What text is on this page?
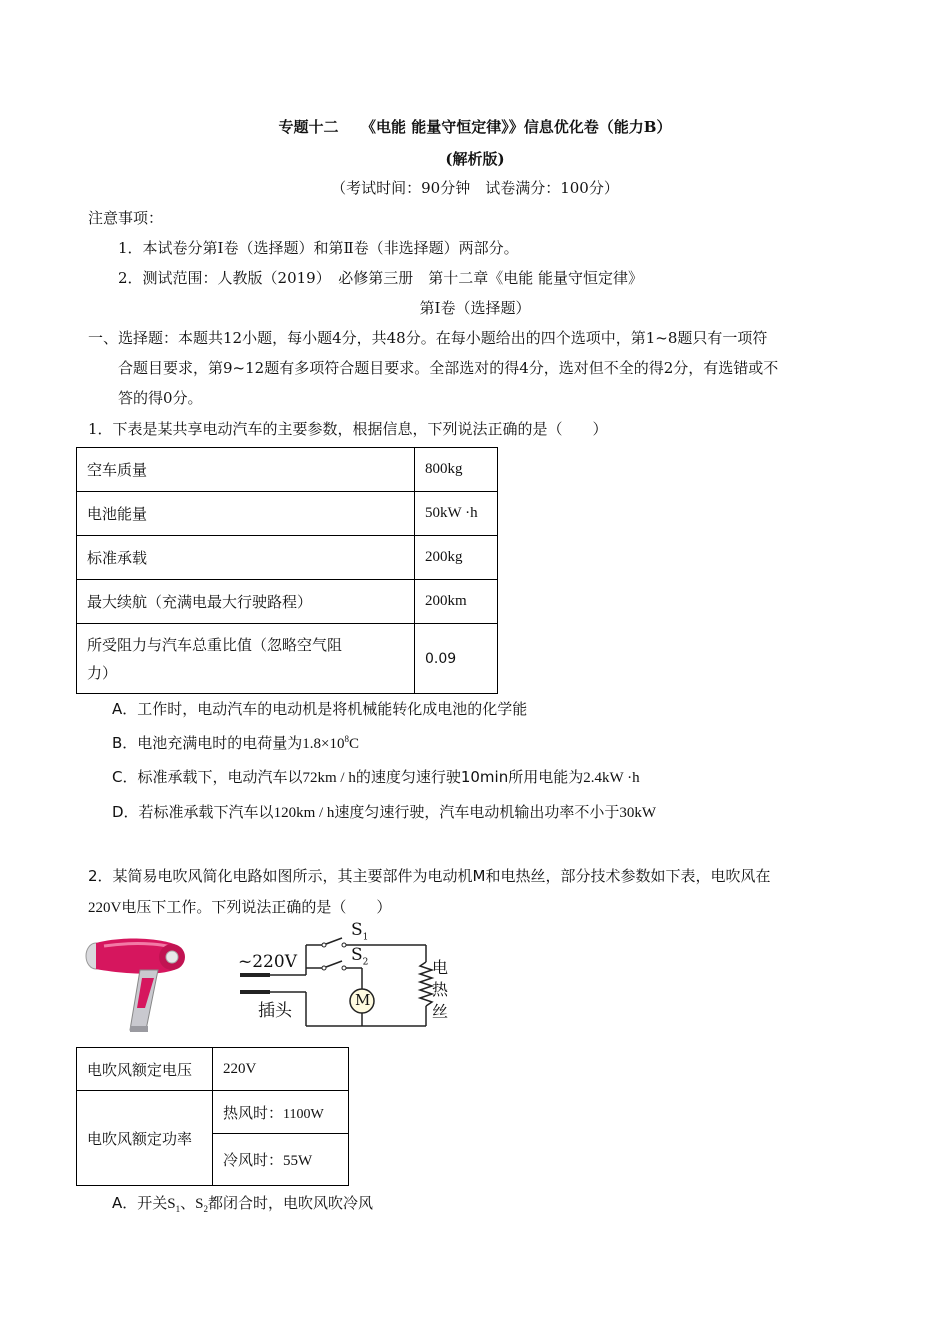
专题十二　　《电能 能量守恒定律》》信息优化卷（能力B）
(解析版)
（考试时间：90分钟　试卷满分：100分）
注意事项：
1．本试卷分第Ⅰ卷（选择题）和第Ⅱ卷（非选择题）两部分。
2．测试范围：人教版（2019）　必修第三册　第十二章《电能 能量守恒定律》
第Ⅰ卷（选择题）
一、选择题：本题共12小题，每小题4分，共48分。在每小题给出的四个选项中，第1~8题只有一项符
合题目要求，第9~12题有多项符合题目要求。全部选对的得4分，选对但不全的得2分，有选错或不
答的得0分。
1．下表是某共享电动汽车的主要参数，根据信息，下列说法正确的是（　　）
空车质量	800kg
电池能量	50kW ·h
标准承载	200kg
最大续航（充满电最大行驶路程）	200km
所受阻力与汽车总重比值（忽略空气阻
力）	0.09
A．工作时，电动汽车的电动机是将机械能转化成电池的化学能
B．电池充满电时的电荷量为$1.8\times 10^8C$
C．标准承载下，电动汽车以72km / h的速度匀速行驶10min所用电能为2.4kW ·h
D．若标准承载下汽车以120km / h速度匀速行驶，汽车电动机输出功率不小于30kW
2．某简易电吹风简化电路如图所示，其主要部件为电动机M和电热丝，部分技术参数如下表，电吹风在
220V电压下工作。下列说法正确的是（　　）
~220V
插头
$S_1$
$S_2$
M
电
热
丝
电吹风额定电压	220V
电吹风额定功率	热风时：1100W
	冷风时：55W
A．开关$S_1$、$S_2$都闭合时，电吹风吹冷风
